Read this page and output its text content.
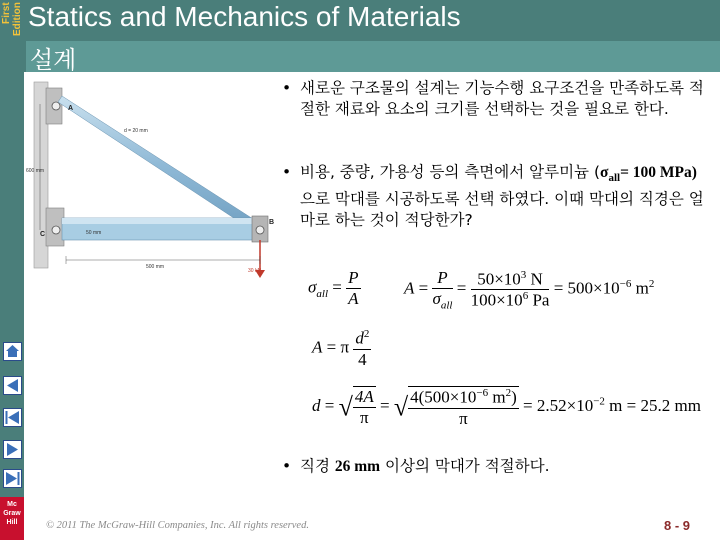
First Edition
Mc
Graw
Hill
Statics and Mechanics of Materials
설계
d = 20 mm
600 mm
50 mm
500 mm
A
C
B
30 kN
• 새로운 구조물의 설계는 기능수행 요구조건을 만족하도록 적절한 재료와 요소의 크기를 선택하는 것을 필요로 한다.
• 비용, 중량, 가용성 등의 측면에서 알루미늄 ($\sigma_{all}= 100$ MPa)으로 막대를 시공하도록 선택 하였다. 이때 막대의 직경은 얼마로 하는 것이 적당한가?
$\sigma_{all} = \frac{P}{A}$	$A = \frac{P}{\sigma_{all}} = \frac{50\times 10^3 N}{100\times 10^6 Pa} = 500\times 10^{-6}$ $m^2$
A = π $\frac{d^2}{4}$
d = √ $\frac{4A}{\pi}$ = √ $\frac{4(500\times 10^{-6} m^2)}{\pi} = 2.52\times 10^{-2}$ m = 25.2 mm
• 직경 26 mm 이상의 막대가 적절하다.
© 2011 The McGraw-Hill Companies, Inc. All rights reserved.	8 - 9
